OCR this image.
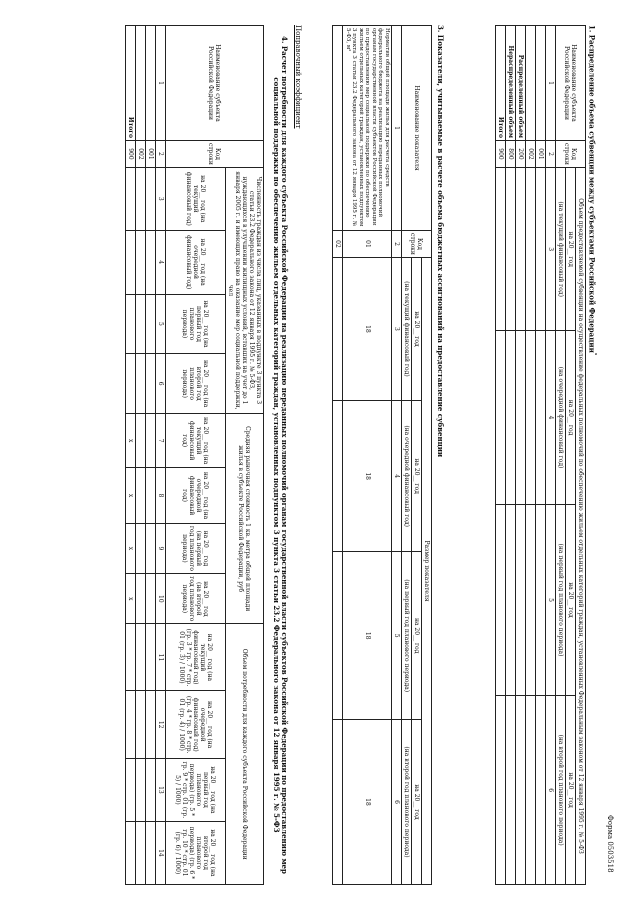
Форма 0503518
1. Распределение объема субвенции между субъектами Российской Федерации$^{^1}$
Наименование субъекта Российской Федерации	Код строки	Объем предоставляемой субвенции на осуществление федеральных полномочий по обеспечению жильем отдельных категорий граждан, установленных Федеральным законом от 12 января 1995 г. № 5-ФЗ			
		на 20__ год	на 20__ год	на 20__ год	на 20__ год
		(на текущий финансовый год)	(на очередной финансовый год)	(на первый год планового периода)	(на второй год планового периода)
1	2	3	4	5	6
	001				
	002				
Распределенный объем	200				
Нераспределенный объем	800				
Итого	900				
3. Показатели, учитываемые в расчете объема бюджетных ассигнований на предоставление субвенции
Наименование показателя	Код строки	Размер показателя			
		на 20__ год	на 20__ год	на 20__ год	на 20__ год
		(на текущий финансовый год)	(на очередной финансовый год)	(на первый год планового периода)	(на второй год планового периода)
1	2	3	4	5	6
Норматив общей площади жилья для расчета средств федерального бюджета на реализацию переданных полномочий органам государственной власти субъектов Российской Федерации по предоставлению мер социальной поддержки по обеспечению жильем отдельных категорий граждан, установленных подпунктом 3 пункта 3 статьи 23.2 Федерального закона от 12 января 1995 г. № 5-ФЗ, м²	01	18	18	18	18
	02				
Поправочный коэффициент
4. Расчет потребности для каждого субъекта Российской Федерации на реализацию переданных полномочий органам государственной власти субъектов Российской Федерации по предоставлению мер социальной поддержки по обеспечению жильем отдельных категорий граждан, установленных подпунктом 3 пункта 3 статьи 23.2 Федерального закона от 12 января 1995 г. № 5-ФЗ
Наименование субъекта Российской Федерации	Код строки	Численность граждан из числа лиц, указанных в подпункте 3 пункта 3 статьи 23.2 Федерального закона от 12 января 1995 г. № 5-ФЗ, нуждающихся в улучшении жилищных условий, вставших на учет до 1 января 2005 г. и имеющих право на оказание мер социальной поддержки, чел				Средняя рыночная стоимость 1 кв. метра общей площади жилья в субъекте Российской Федерации, руб				Объем потребности для каждого субъекта Российской Федерации			
		на 20__ год (на текущий финансовый год)	на 20__ год (на очередной финансовый год)	на 20__ год (на первый год планового периода)	на 20__ год (на второй год планового периода)	на 20__ год (на текущий финансовый год)	на 20__ год (на очередной финансовый год)	на 20__ год (на первый год планового периода)	на 20__ год (на второй год планового периода)	на 20__ год (на текущий финансовый год) (гр. 3 * гр. 7 * стр. 01 (гр. 3) / 1000)	на 20__ год (на очередной финансовый год) (гр. 4 * гр. 8 * стр. 01 (гр. 4) / 1000)	на 20__ год (на первый год планового периода) (гр. 5 * гр. 9 * стр. 01 (гр. 5) / 1000)	на 20__ год (на второй год планового периода) (гр. 6 * гр. 10 * стр. 01 (гр. 6) / 1000)
1	2	3	4	5	6	7	8	9	10	11	12	13	14
	001												
	002												
Итого	900					х	х	х	х				
